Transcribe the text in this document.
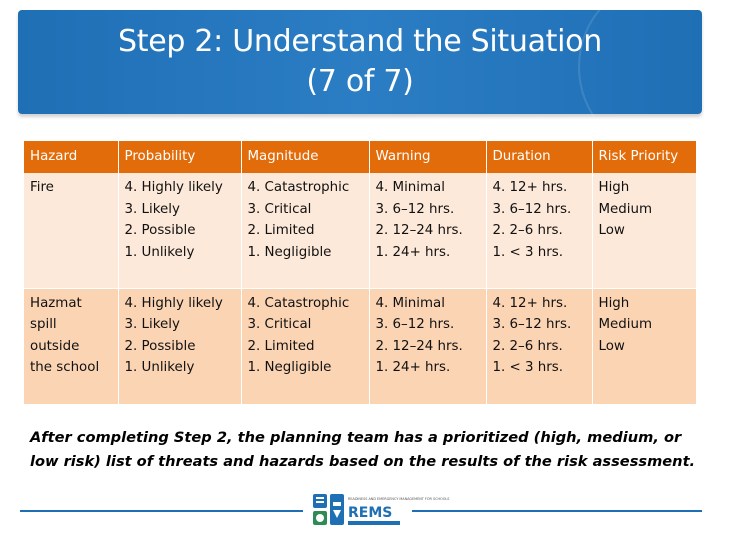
Step 2: Understand the Situation
(7 of 7)
Hazard	Probability	Magnitude	Warning	Duration	Risk Priority

Fire	4. Highly likely
3. Likely
2. Possible
1. Unlikely	4. Catastrophic
3. Critical
2. Limited
1. Negligible	4. Minimal
3. 6–12 hrs.
2. 12–24 hrs.
1. 24+ hrs.	4. 12+ hrs.
3. 6–12 hrs.
2. 2–6 hrs.
1. < 3 hrs.	High
Medium
Low

Hazmat
spill
outside
the school	4. Highly likely
3. Likely
2. Possible
1. Unlikely	4. Catastrophic
3. Critical
2. Limited
1. Negligible	4. Minimal
3. 6–12 hrs.
2. 12–24 hrs.
1. 24+ hrs.	4. 12+ hrs.
3. 6–12 hrs.
2. 2–6 hrs.
1. < 3 hrs.	High
Medium
Low
After completing Step 2, the planning team has a prioritized (high, medium, or low risk) list of threats and hazards based on the results of the risk assessment.
READINESS AND EMERGENCY MANAGEMENT FOR SCHOOLS
REMS
